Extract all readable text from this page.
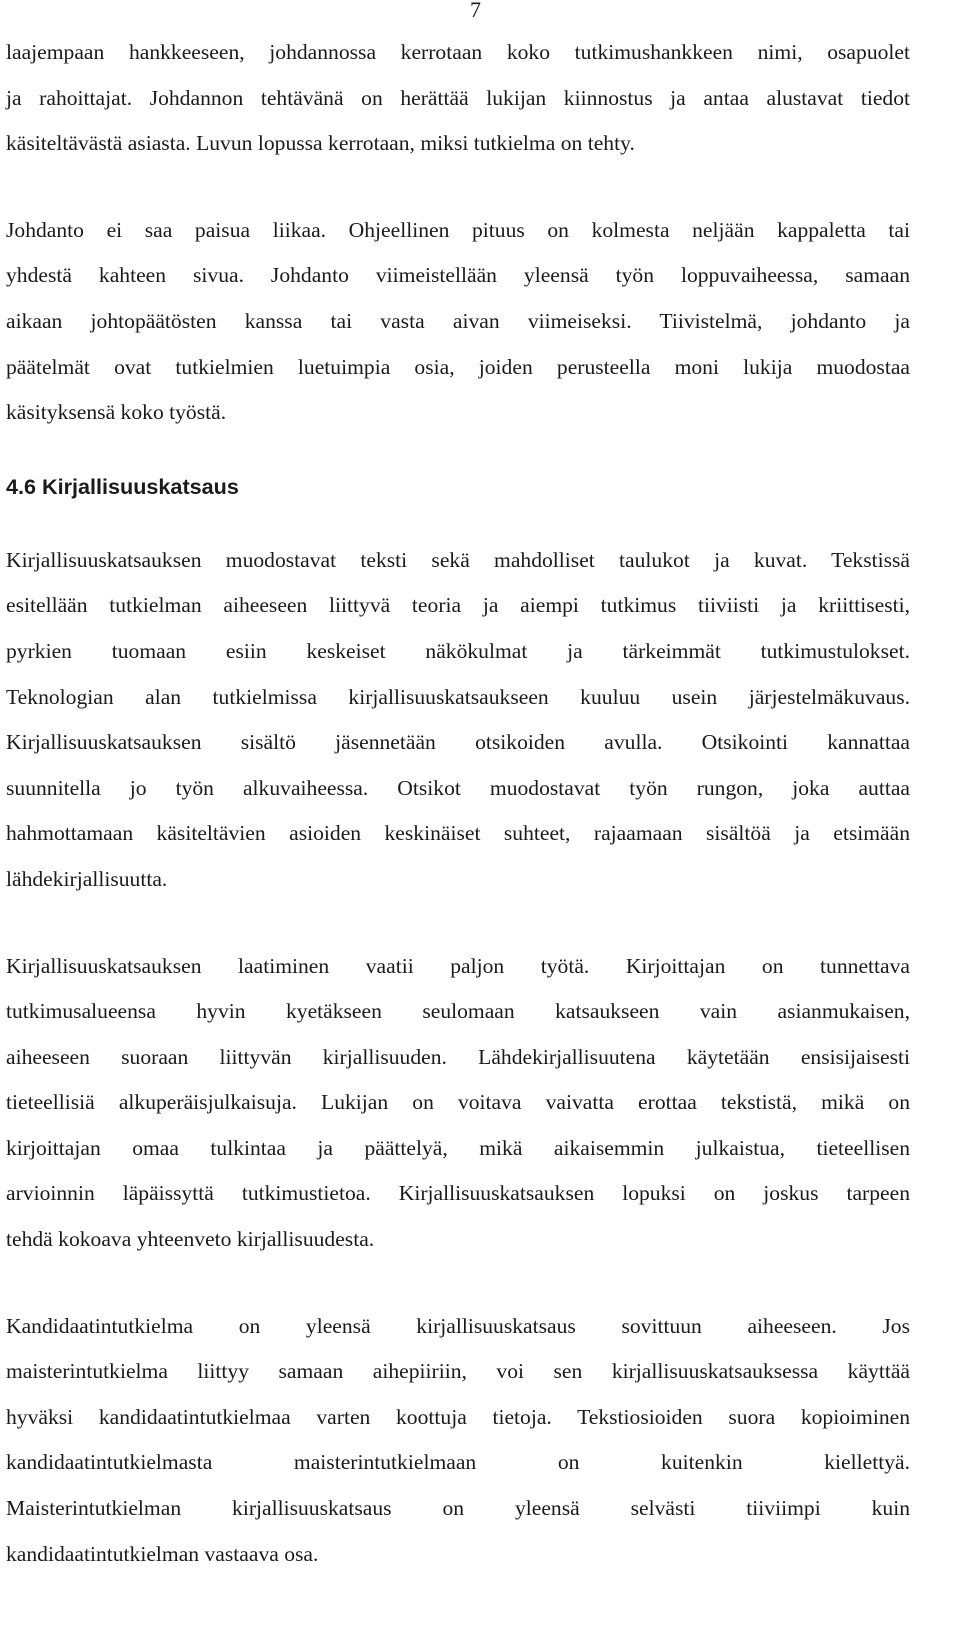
7

laajempaan hankkeeseen, johdannossa kerrotaan koko tutkimushankkeen nimi, osapuolet
ja rahoittajat. Johdannon tehtävänä on herättää lukijan kiinnostus ja antaa alustavat tiedot
käsiteltävästä asiasta. Luvun lopussa kerrotaan, miksi tutkielma on tehty.

Johdanto ei saa paisua liikaa. Ohjeellinen pituus on kolmesta neljään kappaletta tai
yhdestä kahteen sivua. Johdanto viimeistellään yleensä työn loppuvaiheessa, samaan
aikaan johtopäätösten kanssa tai vasta aivan viimeiseksi. Tiivistelmä, johdanto ja
päätelmät ovat tutkielmien luetuimpia osia, joiden perusteella moni lukija muodostaa
käsityksensä koko työstä.

4.6 Kirjallisuuskatsaus

Kirjallisuuskatsauksen muodostavat teksti sekä mahdolliset taulukot ja kuvat. Tekstissä
esitellään tutkielman aiheeseen liittyvä teoria ja aiempi tutkimus tiiviisti ja kriittisesti,
pyrkien tuomaan esiin keskeiset näkökulmat ja tärkeimmät tutkimustulokset.
Teknologian alan tutkielmissa kirjallisuuskatsaukseen kuuluu usein järjestelmäkuvaus.
Kirjallisuuskatsauksen sisältö jäsennetään otsikoiden avulla. Otsikointi kannattaa
suunnitella jo työn alkuvaiheessa. Otsikot muodostavat työn rungon, joka auttaa
hahmottamaan käsiteltävien asioiden keskinäiset suhteet, rajaamaan sisältöä ja etsimään
lähdekirjallisuutta.

Kirjallisuuskatsauksen laatiminen vaatii paljon työtä. Kirjoittajan on tunnettava
tutkimusalueensa hyvin kyetäkseen seulomaan katsaukseen vain asianmukaisen,
aiheeseen suoraan liittyvän kirjallisuuden. Lähdekirjallisuutena käytetään ensisijaisesti
tieteellisiä alkuperäisjulkaisuja. Lukijan on voitava vaivatta erottaa tekstistä, mikä on
kirjoittajan omaa tulkintaa ja päättelyä, mikä aikaisemmin julkaistua, tieteellisen
arvioinnin läpäissyttä tutkimustietoa. Kirjallisuuskatsauksen lopuksi on joskus tarpeen
tehdä kokoava yhteenveto kirjallisuudesta.

Kandidaatintutkielma on yleensä kirjallisuuskatsaus sovittuun aiheeseen. Jos
maisterintutkielma liittyy samaan aihepiiriin, voi sen kirjallisuuskatsauksessa käyttää
hyväksi kandidaatintutkielmaa varten koottuja tietoja. Tekstiosioiden suora kopioiminen
kandidaatintutkielmasta maisterintutkielmaan on kuitenkin kiellettyä.
Maisterintutkielman kirjallisuuskatsaus on yleensä selvästi tiiviimpi kuin
kandidaatintutkielman vastaava osa.
